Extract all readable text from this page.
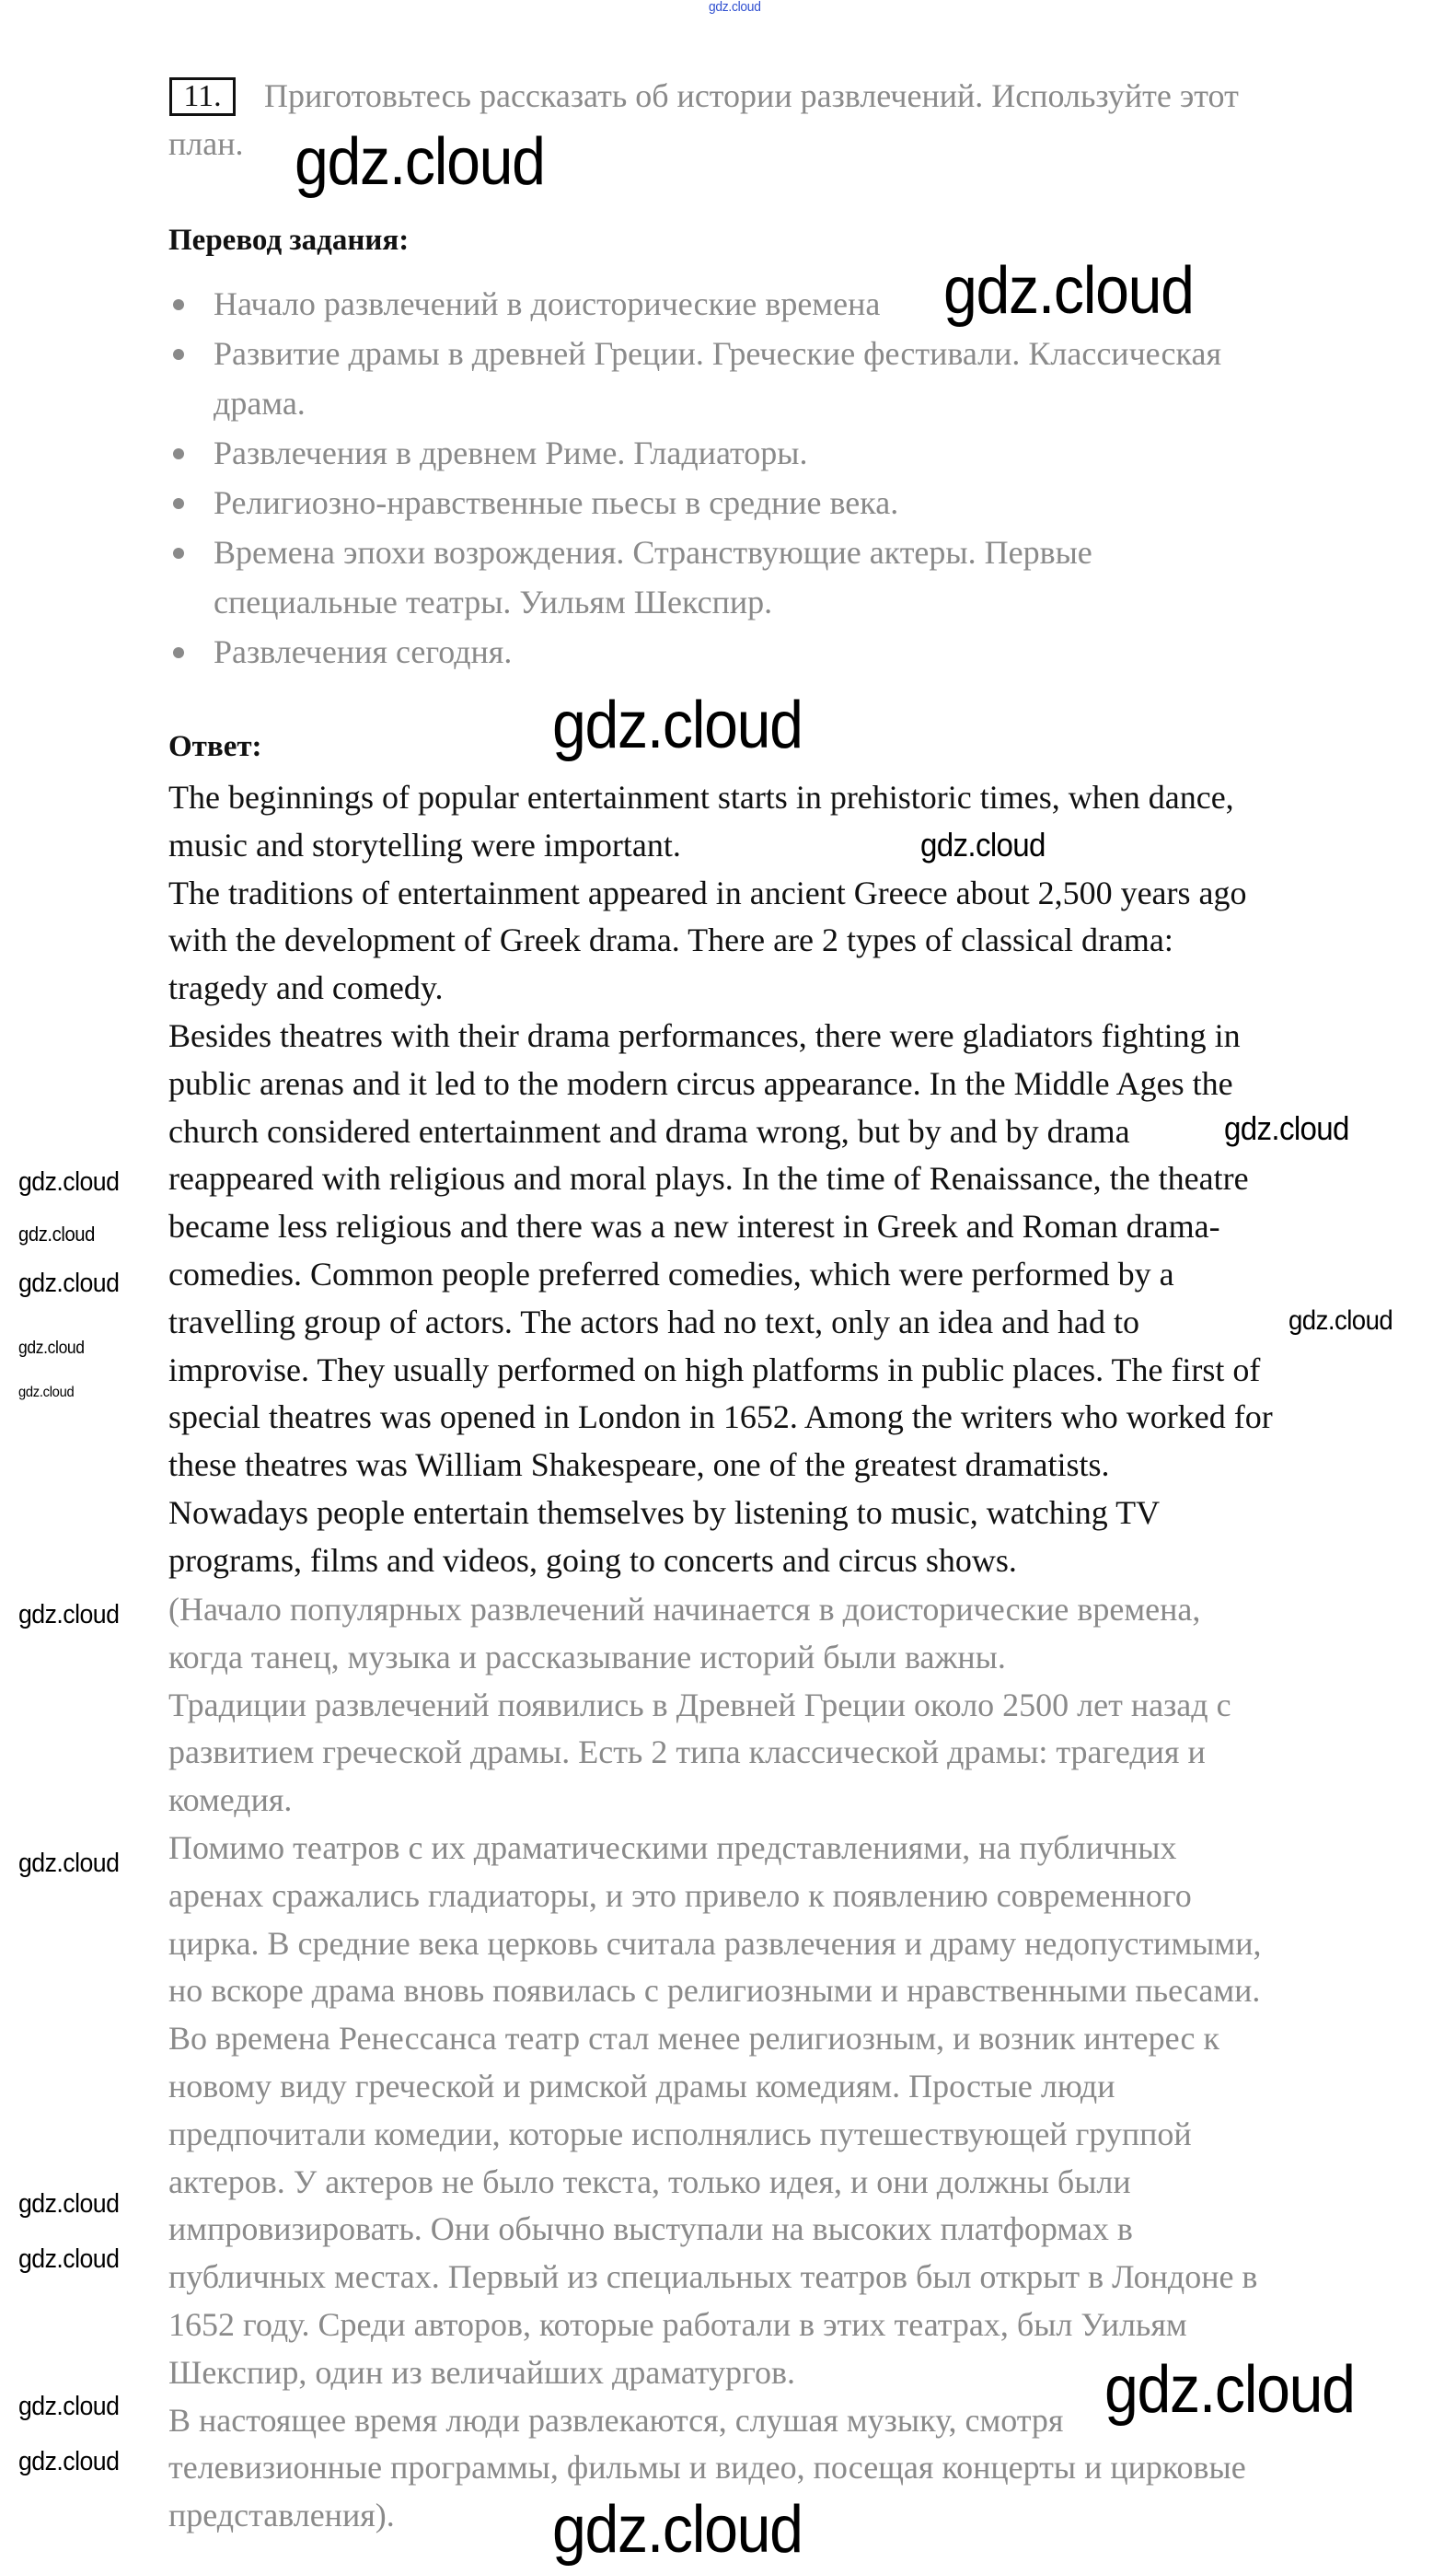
gdz.cloud
11.	Приготовьтесь рассказать об истории развлечений. Используйте этот
план.
Перевод задания:
Начало развлечений в доисторические времена
Развитие драмы в древней Греции. Греческие фестивали. Классическая
драма.
Развлечения в древнем Риме. Гладиаторы.
Религиозно-нравственные пьесы в средние века.
Времена эпохи возрождения. Странствующие актеры. Первые
специальные театры. Уильям Шекспир.
Развлечения сегодня.
Ответ:
The beginnings of popular entertainment starts in prehistoric times, when dance,
music and storytelling were important.
The traditions of entertainment appeared in ancient Greece about 2,500 years ago
with the development of Greek drama. There are 2 types of classical drama:
tragedy and comedy.
Besides theatres with their drama performances, there were gladiators fighting in
public arenas and it led to the modern circus appearance. In the Middle Ages the
church considered entertainment and drama wrong, but by and by drama
reappeared with religious and moral plays. In the time of Renaissance, the theatre
became less religious and there was a new interest in Greek and Roman drama-
comedies. Common people preferred comedies, which were performed by a
travelling group of actors. The actors had no text, only an idea and had to
improvise. They usually performed on high platforms in public places. The first of
special theatres was opened in London in 1652. Among the writers who worked for
these theatres was William Shakespeare, one of the greatest dramatists.
Nowadays people entertain themselves by listening to music, watching TV
programs, films and videos, going to concerts and circus shows.
(Начало популярных развлечений начинается в доисторические времена,
когда танец, музыка и рассказывание историй были важны.
Традиции развлечений появились в Древней Греции около 2500 лет назад с
развитием греческой драмы. Есть 2 типа классической драмы: трагедия и
комедия.
Помимо театров с их драматическими представлениями, на публичных
аренах сражались гладиаторы, и это привело к появлению современного
цирка. В средние века церковь считала развлечения и драму недопустимыми,
но вскоре драма вновь появилась с религиозными и нравственными пьесами.
Во времена Ренессанса театр стал менее религиозным, и возник интерес к
новому виду греческой и римской драмы комедиям. Простые люди
предпочитали комедии, которые исполнялись путешествующей группой
актеров. У актеров не было текста, только идея, и они должны были
импровизировать. Они обычно выступали на высоких платформах в
публичных местах. Первый из специальных театров был открыт в Лондоне в
1652 году. Среди авторов, которые работали в этих театрах, был Уильям
Шекспир, один из величайших драматургов.
В настоящее время люди развлекаются, слушая музыку, смотря
телевизионные программы, фильмы и видео, посещая концерты и цирковые
представления).
gdz.cloud
gdz.cloud
gdz.cloud
gdz.cloud
gdz.cloud
gdz.cloud
gdz.cloud
gdz.cloud
gdz.cloud
gdz.cloud
gdz.cloud
gdz.cloud
gdz.cloud
gdz.cloud
gdz.cloud
gdz.cloud
gdz.cloud
gdz.cloud
gdz.cloud
